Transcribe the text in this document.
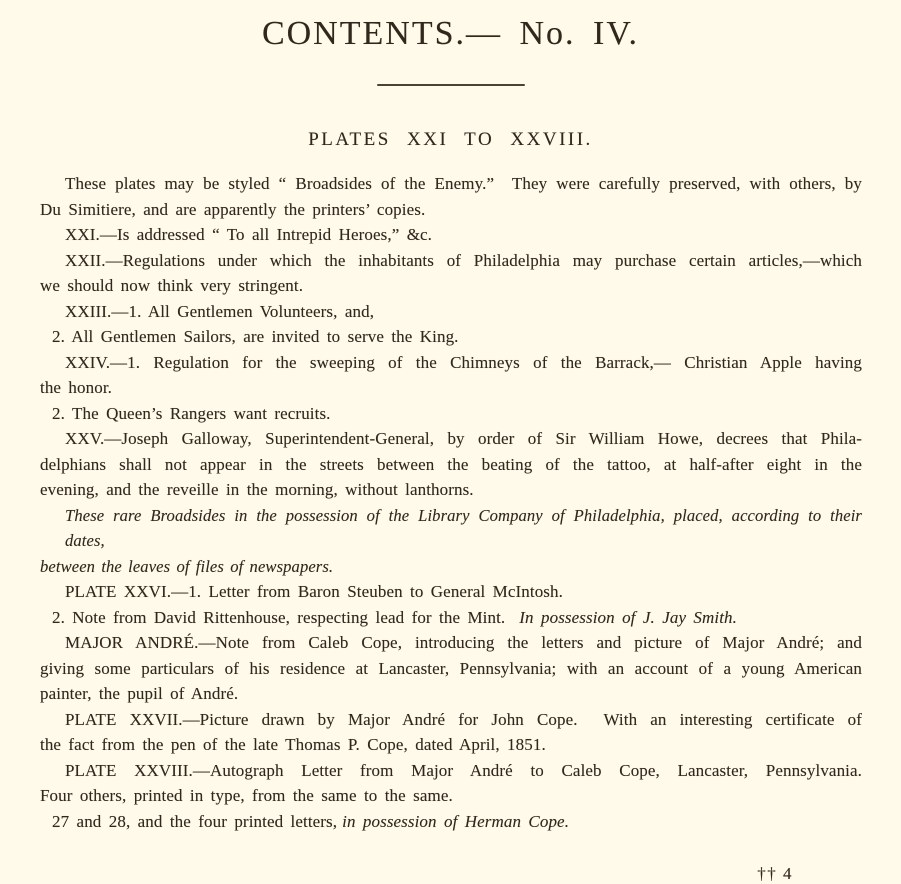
CONTENTS.— No. IV.
PLATES XXI TO XXVIII.
These plates may be styled “ Broadsides of the Enemy.”  They were carefully preserved, with others, by
Du Simitiere, and are apparently the printers’ copies.
XXI.—Is addressed “ To all Intrepid Heroes,” &c.
XXII.—Regulations under which the inhabitants of Philadelphia may purchase certain articles,—which
we should now think very stringent.
XXIII.—1. All Gentlemen Volunteers, and,
2. All Gentlemen Sailors, are invited to serve the King.
XXIV.—1. Regulation for the sweeping of the Chimneys of the Barrack,— Christian Apple having
the honor.
2. The Queen’s Rangers want recruits.
XXV.—Joseph Galloway, Superintendent-General, by order of Sir William Howe, decrees that Phila-
delphians shall not appear in the streets between the beating of the tattoo, at half-after eight in the
evening, and the reveille in the morning, without lanthorns.
These rare Broadsides in the possession of the Library Company of Philadelphia, placed, according to their dates,
between the leaves of files of newspapers.
PLATE XXVI.—1. Letter from Baron Steuben to General McIntosh.
2. Note from David Rittenhouse, respecting lead for the Mint. In possession of J. Jay Smith.
MAJOR ANDRÉ.—Note from Caleb Cope, introducing the letters and picture of Major André; and
giving some particulars of his residence at Lancaster, Pennsylvania; with an account of a young American
painter, the pupil of André.
PLATE XXVII.—Picture drawn by Major André for John Cope.  With an interesting certificate of
the fact from the pen of the late Thomas P. Cope, dated April, 1851.
PLATE XXVIII.—Autograph Letter from Major André to Caleb Cope, Lancaster, Pennsylvania.
Four others, printed in type, from the same to the same.
27 and 28, and the four printed letters, in possession of Herman Cope.
†† 4
